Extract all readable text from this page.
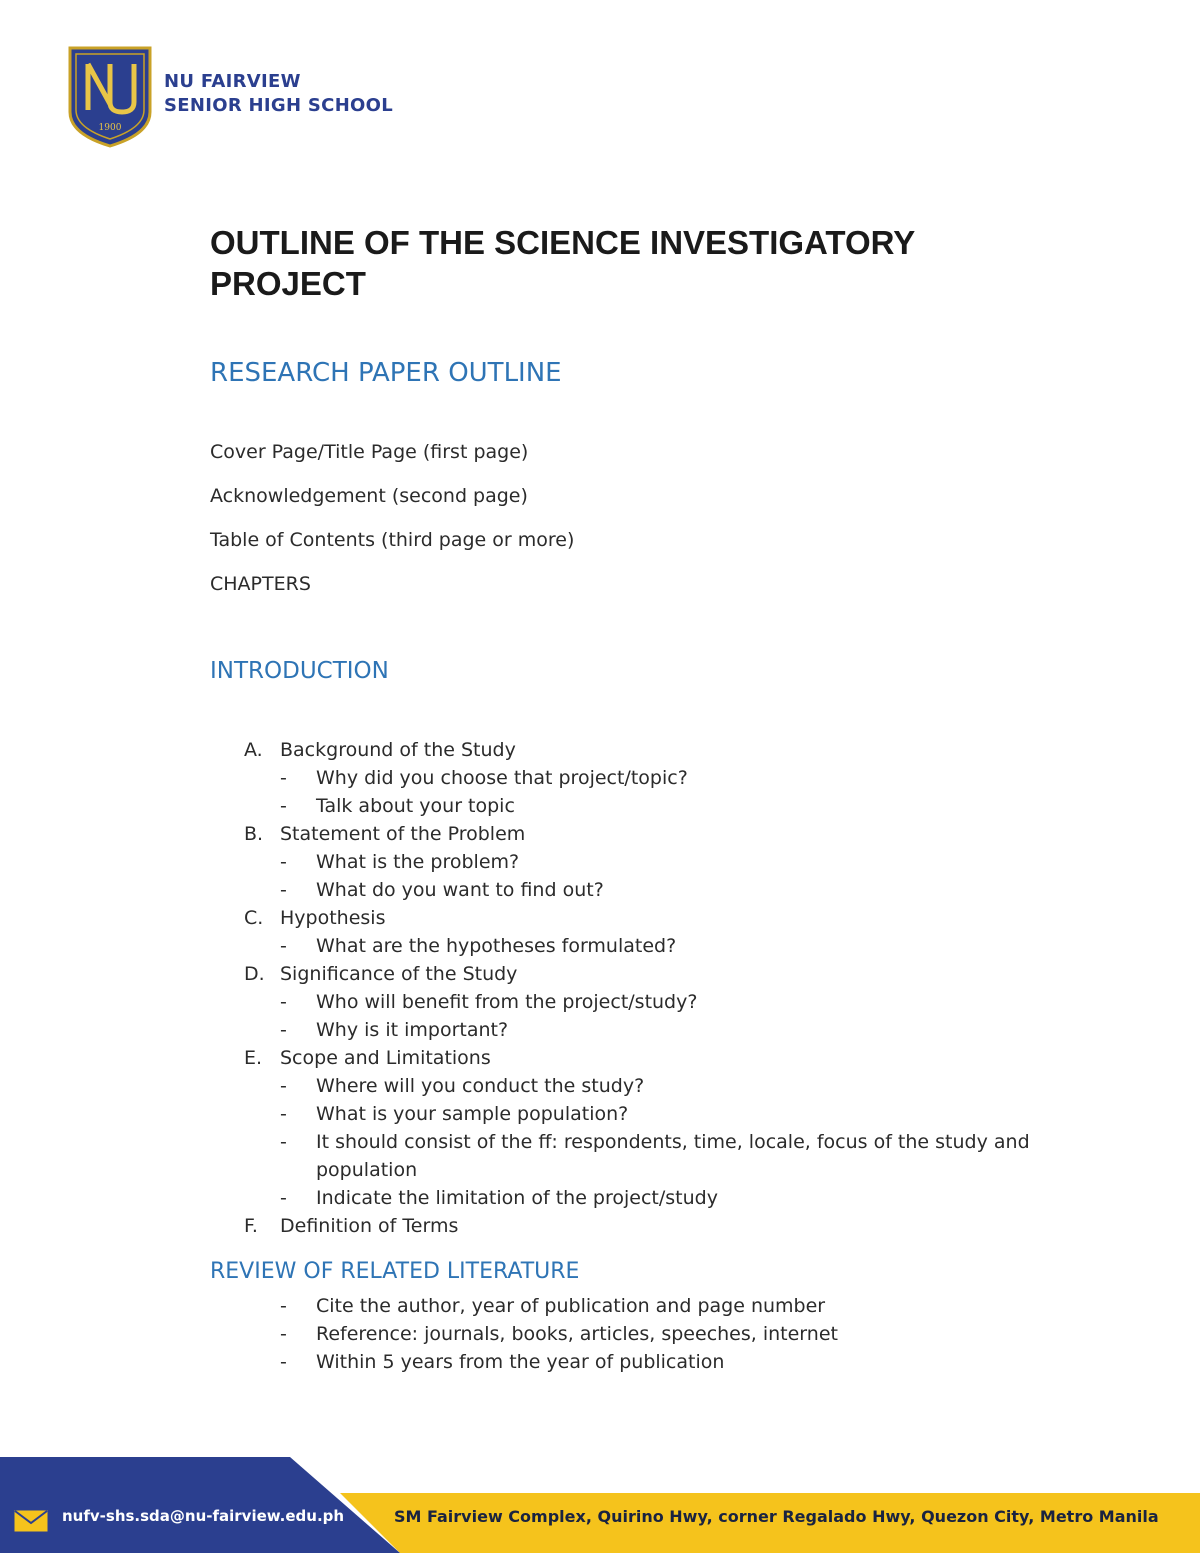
1900
NU FAIRVIEW
SENIOR HIGH SCHOOL
OUTLINE OF THE SCIENCE INVESTIGATORY
PROJECT
RESEARCH PAPER OUTLINE
Cover Page/Title Page (first page)
Acknowledgement (second page)
Table of Contents (third page or more)
CHAPTERS
INTRODUCTION
A. Background of the Study
- Why did you choose that project/topic?
- Talk about your topic
B. Statement of the Problem
- What is the problem?
- What do you want to find out?
C. Hypothesis
- What are the hypotheses formulated?
D. Significance of the Study
- Who will benefit from the project/study?
- Why is it important?
E. Scope and Limitations
- Where will you conduct the study?
- What is your sample population?
- It should consist of the ff: respondents, time, locale, focus of the study and population
- Indicate the limitation of the project/study
F. Definition of Terms
REVIEW OF RELATED LITERATURE
- Cite the author, year of publication and page number
- Reference: journals, books, articles, speeches, internet
- Within 5 years from the year of publication
nufv-shs.sda@nu-fairview.edu.ph	SM Fairview Complex, Quirino Hwy, corner Regalado Hwy, Quezon City, Metro Manila
